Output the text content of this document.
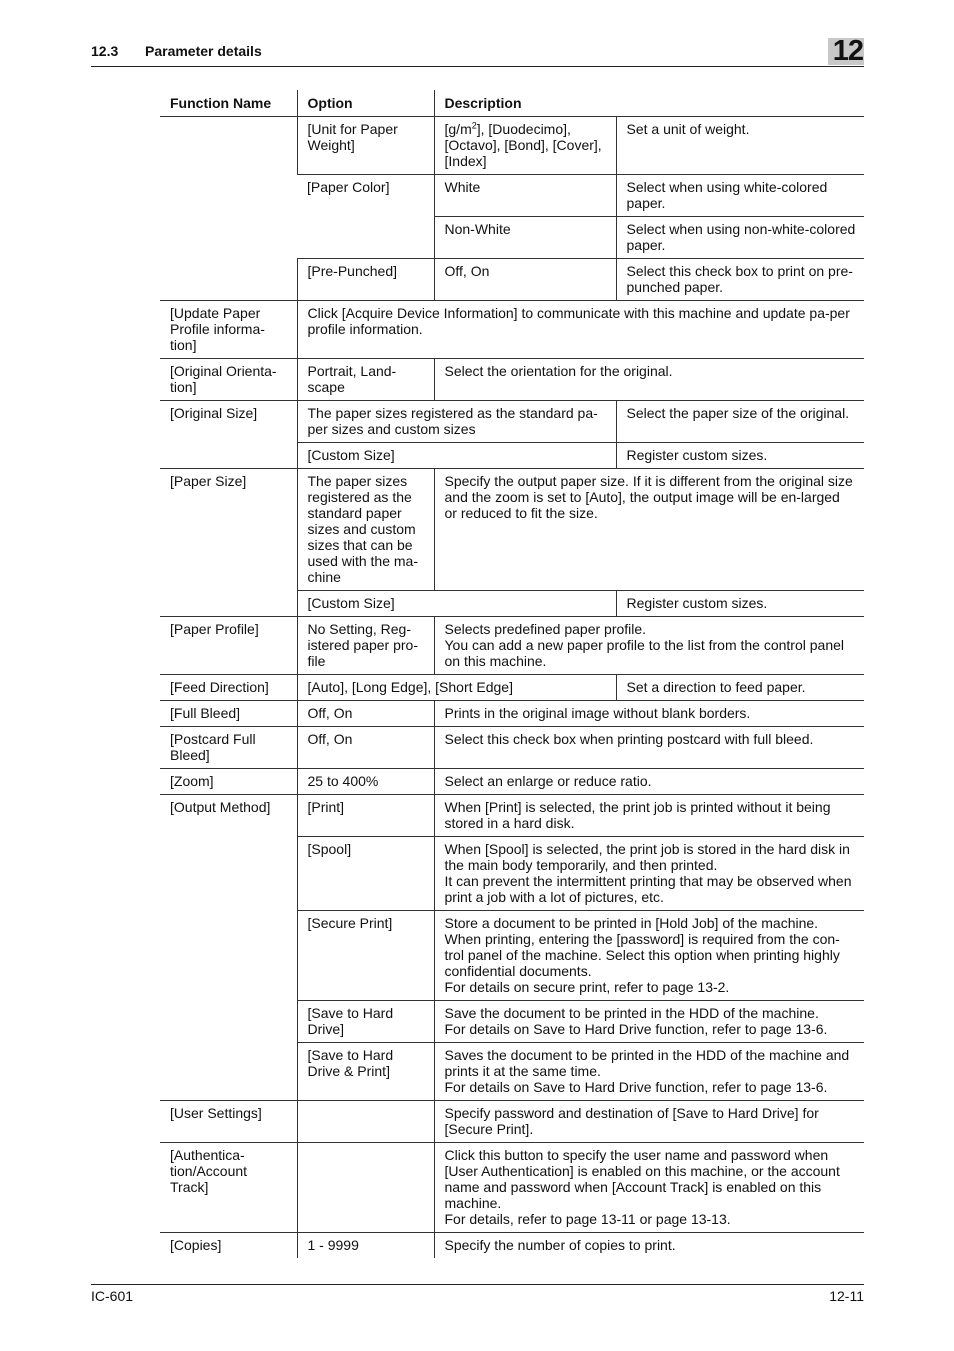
12.3 Parameter details	12
Function Name	Option	Description	
	[Unit for Paper Weight]	$[g/m^2]$, [Duodecimo], [Octavo], [Bond], [Cover], [Index]	Set a unit of weight.
	[Paper Color]	White	Select when using white-colored paper.
		Non-White	Select when using non-white-colored paper.
	[Pre-Punched]	Off, On	Select this check box to print on pre-punched paper.
[Update Paper Profile informa-tion]	Click [Acquire Device Information] to communicate with this machine and update pa-per profile information.		
[Original Orienta-tion]	Portrait, Land-scape	Select the orientation for the original.	
[Original Size]	The paper sizes registered as the standard pa-per sizes and custom sizes		Select the paper size of the original.
	[Custom Size]		Register custom sizes.
[Paper Size]	The paper sizes registered as the standard paper sizes and custom sizes that can be used with the ma-chine	Specify the output paper size. If it is different from the original size and the zoom is set to [Auto], the output image will be en-larged or reduced to fit the size.	
	[Custom Size]		Register custom sizes.
[Paper Profile]	No Setting, Reg-istered paper pro-file	Selects predefined paper profile.
You can add a new paper profile to the list from the control panel on this machine.	

[Feed Direction]	[Auto], [Long Edge], [Short Edge]		Set a direction to feed paper.
[Full Bleed]	Off, On	Prints in the original image without blank borders.	
[Postcard Full Bleed]	Off, On	Select this check box when printing postcard with full bleed.	
[Zoom]	25 to 400%	Select an enlarge or reduce ratio.	
[Output Method]	[Print]	When [Print] is selected, the print job is printed without it being stored in a hard disk.	
	[Spool]	When [Spool] is selected, the print job is stored in the hard disk in the main body temporarily, and then printed.
It can prevent the intermittent printing that may be observed when print a job with a lot of pictures, etc.	

	[Secure Print]	Store a document to be printed in [Hold Job] of the machine. When printing, entering the [password] is required from the con-trol panel of the machine. Select this option when printing highly confidential documents.
For details on secure print, refer to page 13-2.	

	[Save to Hard Drive]	Save the document to be printed in the HDD of the machine.
For details on Save to Hard Drive function, refer to page 13-6.	

	[Save to Hard Drive & Print]	Saves the document to be printed in the HDD of the machine and prints it at the same time.
For details on Save to Hard Drive function, refer to page 13-6.	

[User Settings]		Specify password and destination of [Save to Hard Drive] for [Secure Print].	
[Authentica-tion/Account Track]		Click this button to specify the user name and password when [User Authentication] is enabled on this machine, or the account name and password when [Account Track] is enabled on this machine.
For details, refer to page 13-11 or page 13-13.	

[Copies]	1 - 9999	Specify the number of copies to print.	
IC-601	12-11
